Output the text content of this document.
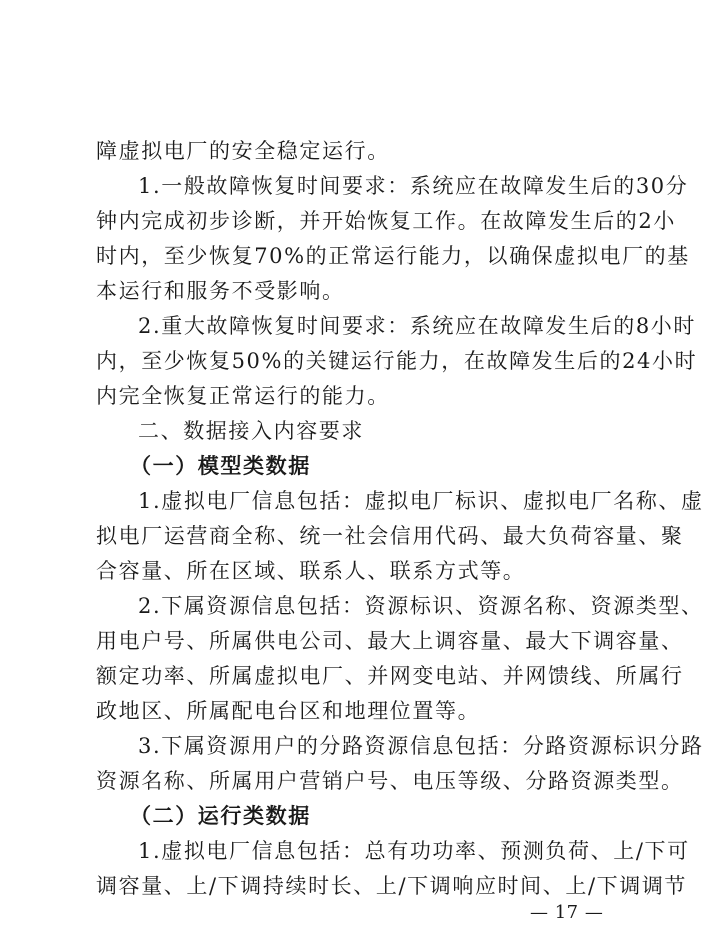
障虚拟电厂的安全稳定运行。
1.一般故障恢复时间要求：系统应在故障发生后的30分
钟内完成初步诊断，并开始恢复工作。在故障发生后的2小
时内，至少恢复70%的正常运行能力，以确保虚拟电厂的基
本运行和服务不受影响。
2.重大故障恢复时间要求：系统应在故障发生后的8小时
内，至少恢复50%的关键运行能力，在故障发生后的24小时
内完全恢复正常运行的能力。
二、数据接入内容要求
（一）模型类数据
1.虚拟电厂信息包括：虚拟电厂标识、虚拟电厂名称、虚
拟电厂运营商全称、统一社会信用代码、最大负荷容量、聚
合容量、所在区域、联系人、联系方式等。
2.下属资源信息包括：资源标识、资源名称、资源类型、
用电户号、所属供电公司、最大上调容量、最大下调容量、
额定功率、所属虚拟电厂、并网变电站、并网馈线、所属行
政地区、所属配电台区和地理位置等。
3.下属资源用户的分路资源信息包括：分路资源标识分路
资源名称、所属用户营销户号、电压等级、分路资源类型。
（二）运行类数据
1.虚拟电厂信息包括：总有功功率、预测负荷、上/下可
调容量、上/下调持续时长、上/下调响应时间、上/下调调节
— 17 —
